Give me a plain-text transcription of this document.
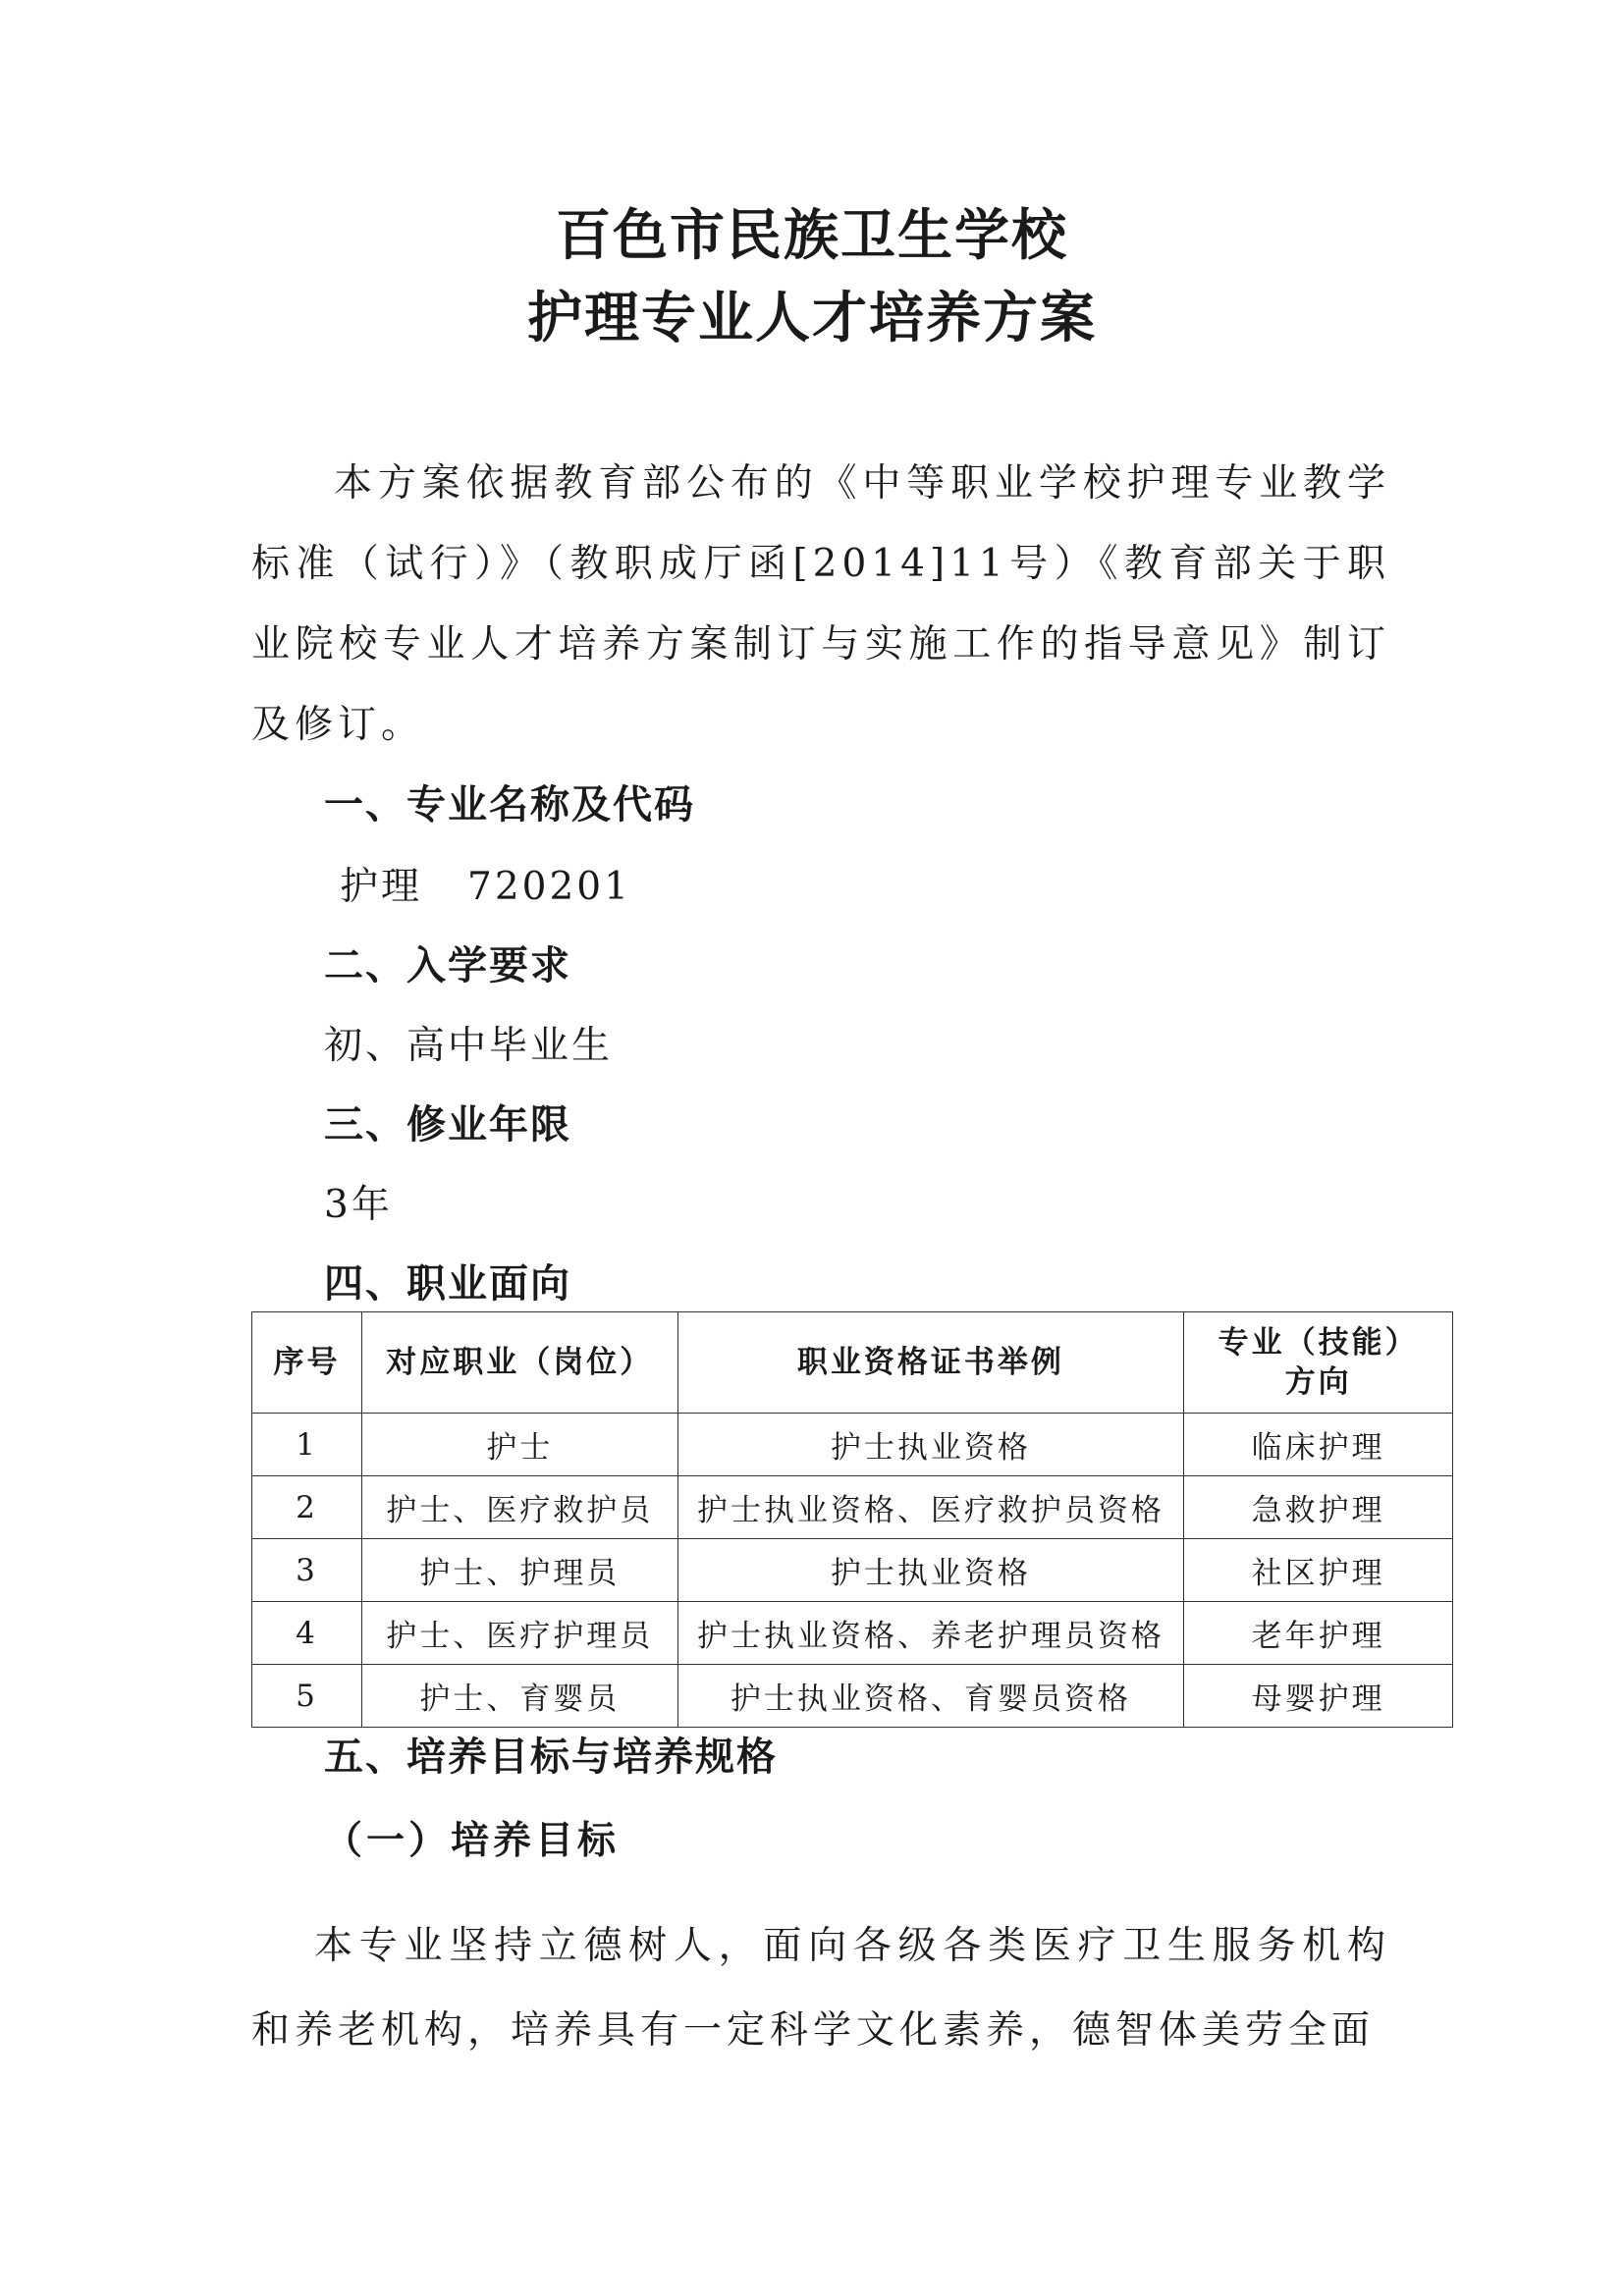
百色市民族卫生学校
护理专业人才培养方案
本方案依据教育部公布的《中等职业学校护理专业教学标准（试行）》（教职成厅函[2014]11号）《教育部关于职业院校专业人才培养方案制订与实施工作的指导意见》制订及修订。
一、专业名称及代码
护理 720201
二、入学要求
初、高中毕业生
三、修业年限
3年
四、职业面向
序号	对应职业（岗位）	职业资格证书举例	专业（技能）方向
1	护士	护士执业资格	临床护理
2	护士、医疗救护员	护士执业资格、医疗救护员资格	急救护理
3	护士、护理员	护士执业资格	社区护理
4	护士、医疗护理员	护士执业资格、养老护理员资格	老年护理
5	护士、育婴员	护士执业资格、育婴员资格	母婴护理
五、培养目标与培养规格
（一）培养目标
本专业坚持立德树人，面向各级各类医疗卫生服务机构和养老机构，培养具有一定科学文化素养，德智体美劳全面
